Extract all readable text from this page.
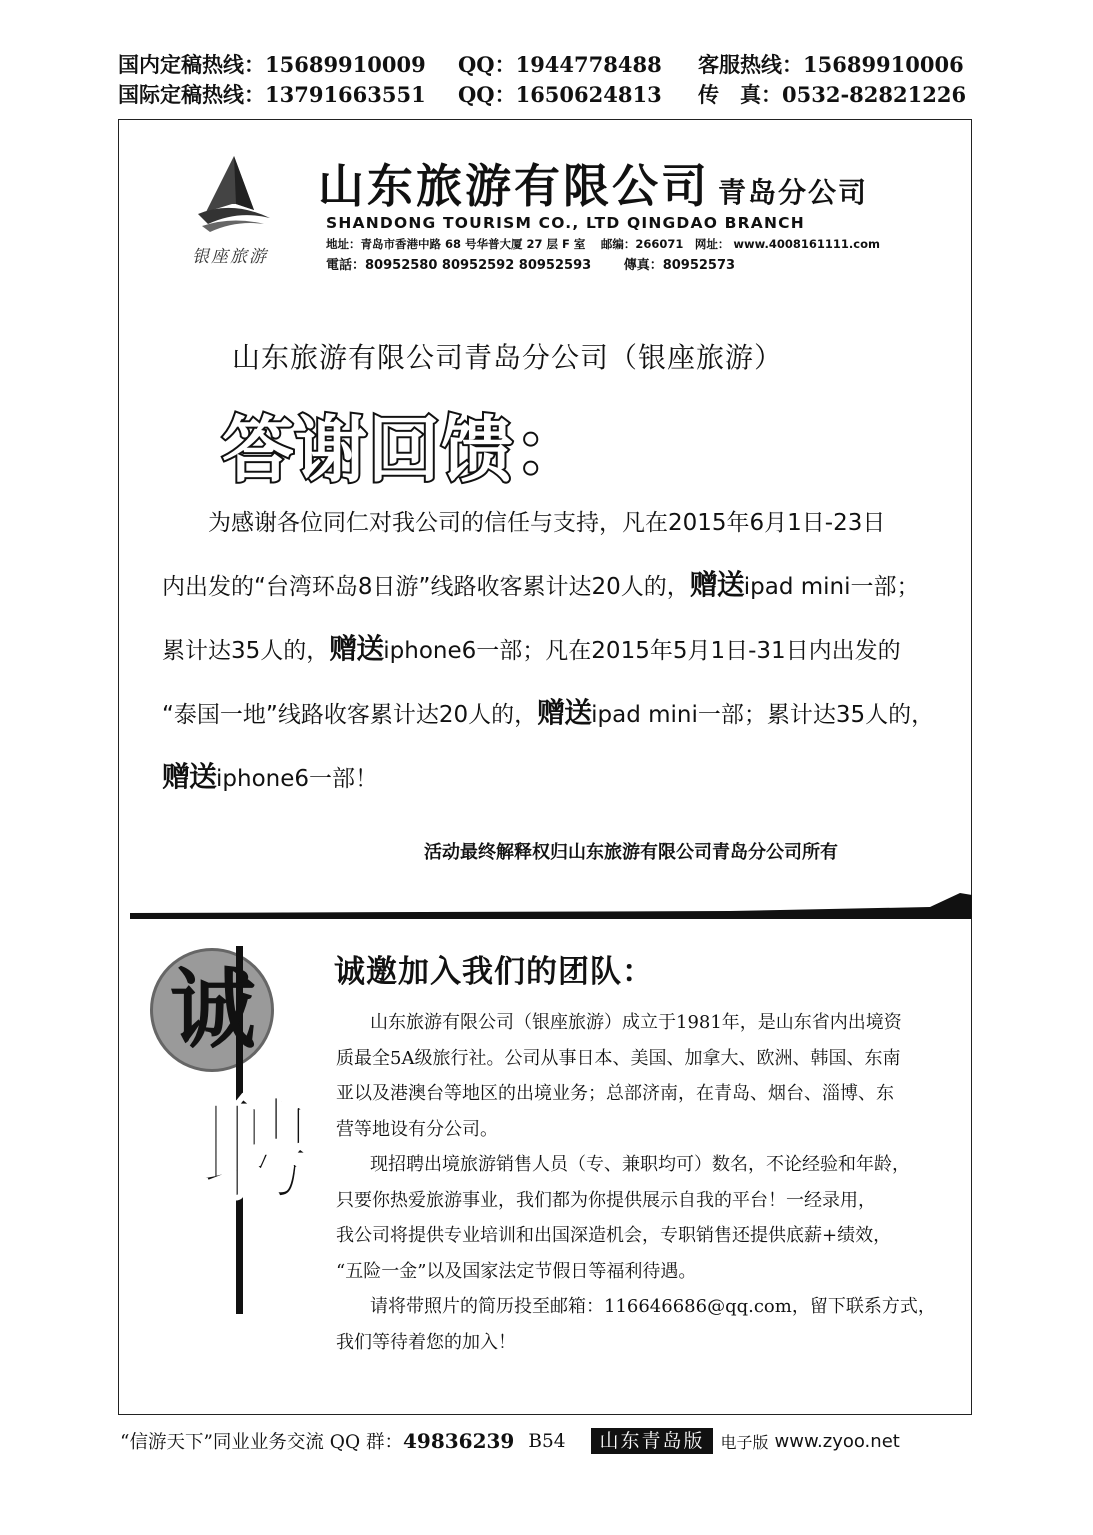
国内定稿热线：15689910009	QQ：1944778488	客服热线：15689910006
国际定稿热线：13791663551	QQ：1650624813	传　真：0532-82821226
银座旅游
山东旅游有限公司 青岛分公司
SHANDONG TOURISM CO., LTD QINGDAO BRANCH
地址：青岛市香港中路 68 号华普大厦 27 层 F 室　 邮编：266071　网址： www.4008161111.com
電話：80952580 80952592 80952593	傳真：80952573
山东旅游有限公司青岛分公司（银座旅游）
答谢回馈：
为感谢各位同仁对我公司的信任与支持，凡在2015年6月1日-23日
内出发的“台湾环岛8日游”线路收客累计达20人的，赠送ipad mini一部；
累计达35人的，赠送iphone6一部；凡在2015年5月1日-31日内出发的
“泰国一地”线路收客累计达20人的，赠送ipad mini一部；累计达35人的，
赠送iphone6一部！
活动最终解释权归山东旅游有限公司青岛分公司所有
诚
聘
诚邀加入我们的团队：
山东旅游有限公司（银座旅游）成立于1981年，是山东省内出境资
质最全5A级旅行社。公司从事日本、美国、加拿大、欧洲、韩国、东南
亚以及港澳台等地区的出境业务；总部济南，在青岛、烟台、淄博、东
营等地设有分公司。
现招聘出境旅游销售人员（专、兼职均可）数名，不论经验和年龄，
只要你热爱旅游事业，我们都为你提供展示自我的平台！一经录用，
我公司将提供专业培训和出国深造机会，专职销售还提供底薪+绩效，
“五险一金”以及国家法定节假日等福利待遇。
请将带照片的简历投至邮箱：116646686@qq.com，留下联系方式，
我们等待着您的加入！
“信游天下”同业业务交流 QQ 群： 49836239 B54	山东青岛版	电子版 www.zyoo.net
